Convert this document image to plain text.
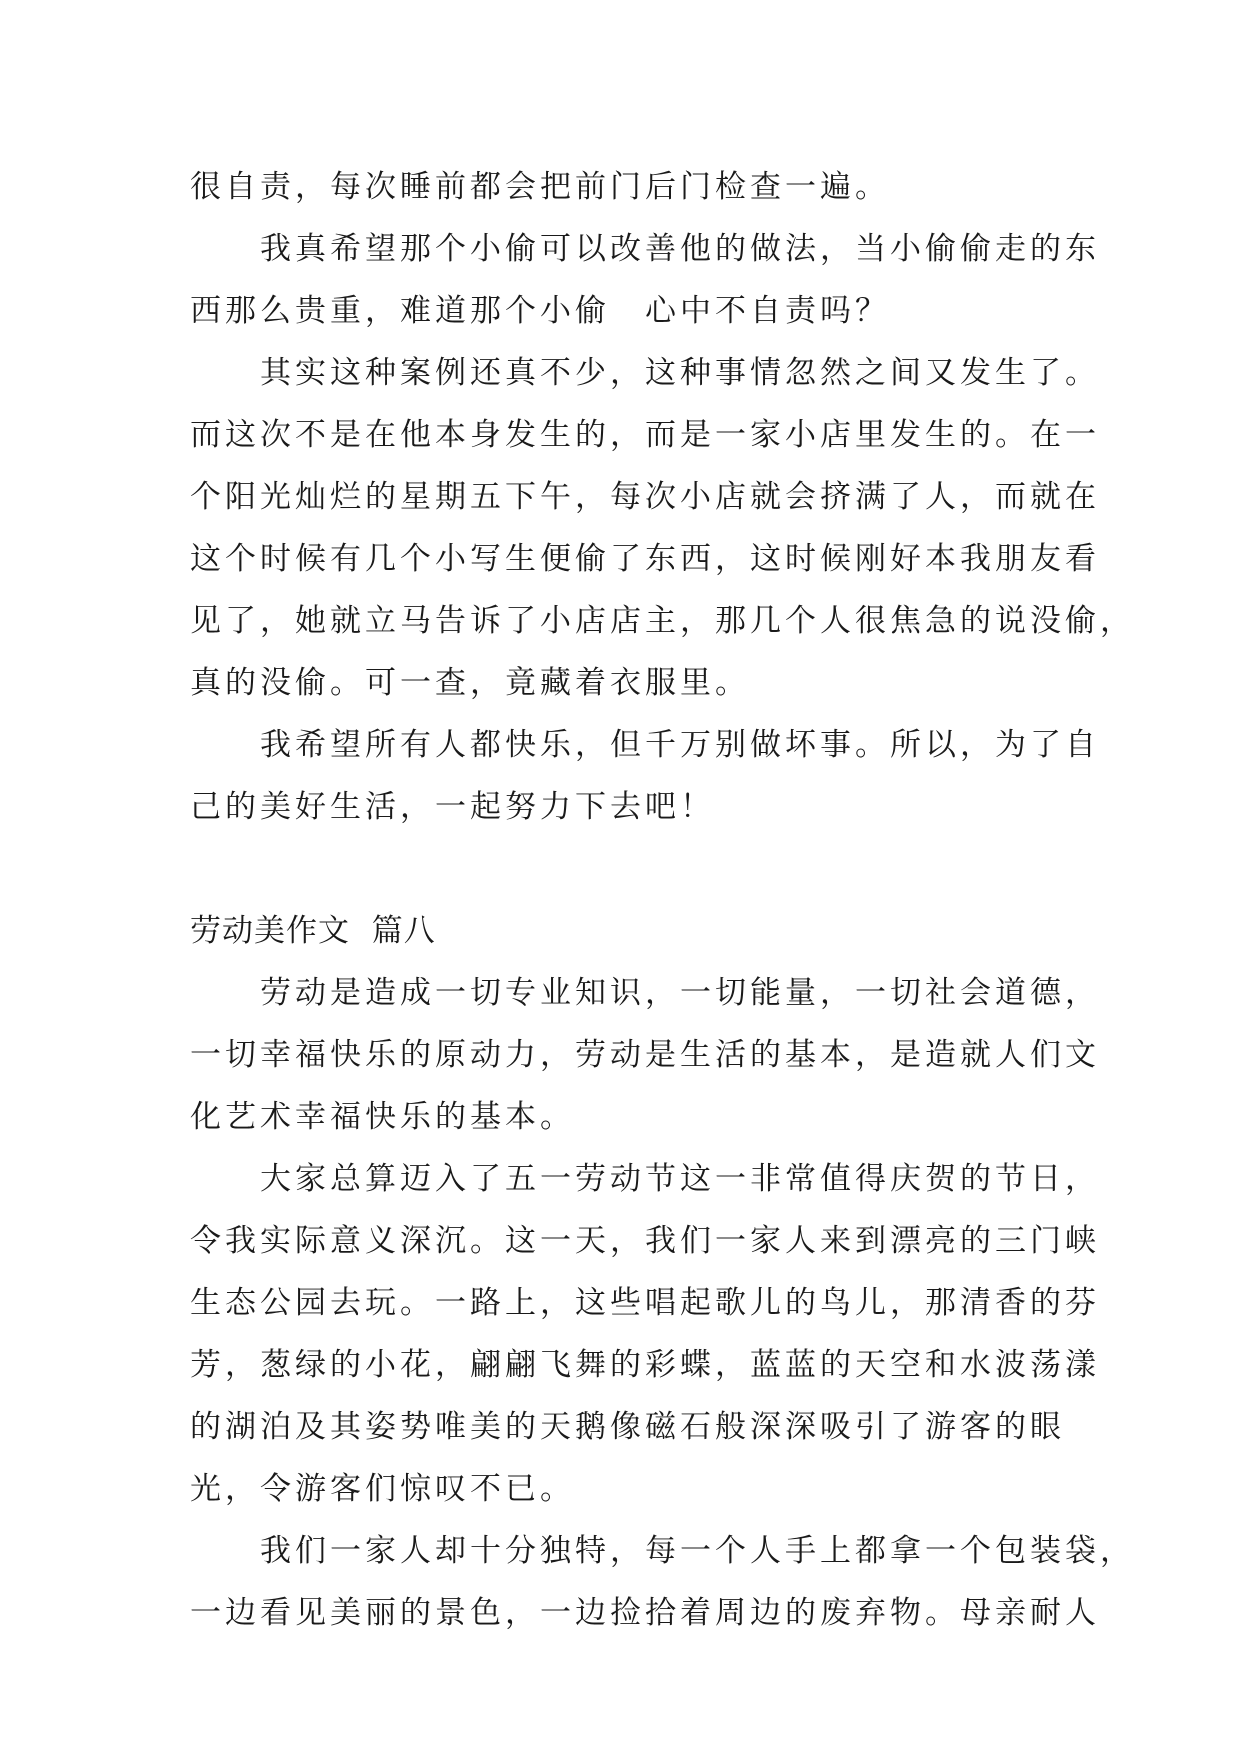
很自责，每次睡前都会把前门后门检查一遍。
　　我真希望那个小偷可以改善他的做法，当小偷偷走的东
西那么贵重，难道那个小偷　心中不自责吗？
　　其实这种案例还真不少，这种事情忽然之间又发生了。
而这次不是在他本身发生的，而是一家小店里发生的。在一
个阳光灿烂的星期五下午，每次小店就会挤满了人，而就在
这个时候有几个小写生便偷了东西，这时候刚好本我朋友看
见了，她就立马告诉了小店店主，那几个人很焦急的说没偷，
真的没偷。可一查，竟藏着衣服里。
　　我希望所有人都快乐，但千万别做坏事。所以，为了自
己的美好生活，一起努力下去吧！
劳动美作文  篇八
　　劳动是造成一切专业知识，一切能量，一切社会道德，
一切幸福快乐的原动力，劳动是生活的基本，是造就人们文
化艺术幸福快乐的基本。
　　大家总算迈入了五一劳动节这一非常值得庆贺的节日，
令我实际意义深沉。这一天，我们一家人来到漂亮的三门峡
生态公园去玩。一路上，这些唱起歌儿的鸟儿，那清香的芬
芳，葱绿的小花，翩翩飞舞的彩蝶，蓝蓝的天空和水波荡漾
的湖泊及其姿势唯美的天鹅像磁石般深深吸引了游客的眼
光，令游客们惊叹不已。
　　我们一家人却十分独特，每一个人手上都拿一个包装袋，
一边看见美丽的景色，一边捡拾着周边的废弃物。母亲耐人
